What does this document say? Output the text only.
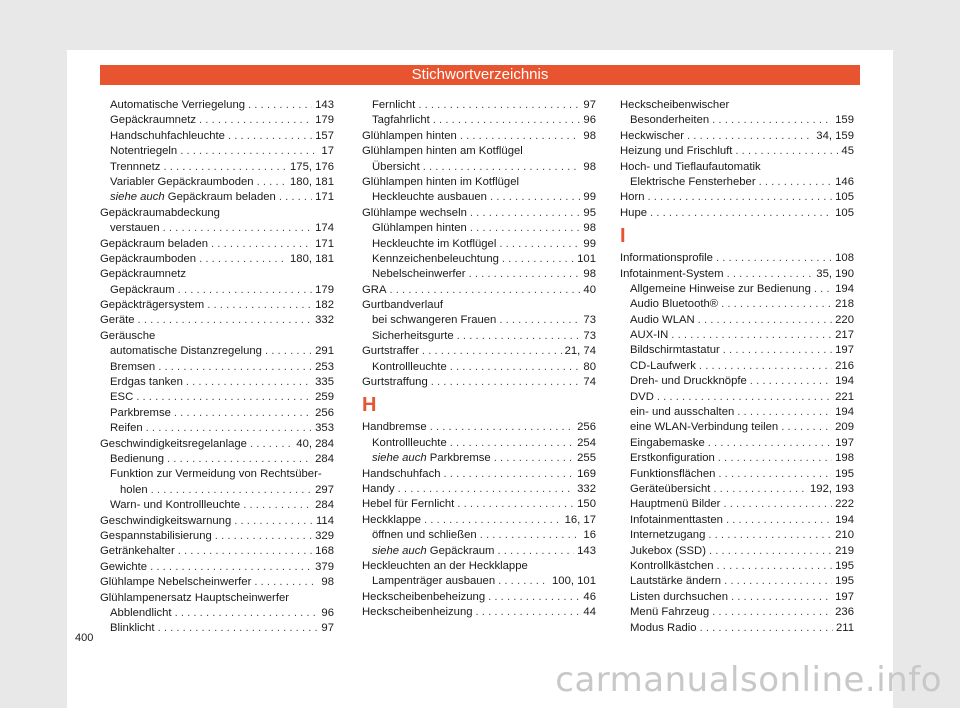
Stichwortverzeichnis
Automatische Verriegelung . . .	143
Gepäckraumnetz . . .	179
Handschuhfachleuchte . . .	157
Notentriegeln . . .	17
Trennnetz . . .	175, 176
Variabler Gepäckraumboden . . .	180, 181
siehe auch Gepäckraum beladen . . .	171
Gepäckraumabdeckung
verstauen . . .	174
Gepäckraum beladen . . .	171
Gepäckraumboden . . .	180, 181
Gepäckraumnetz
Gepäckraum . . .	179
Gepäckträgersystem . . .	182
Geräte . . .	332
Geräusche
automatische Distanzregelung . . .	291
Bremsen . . .	253
Erdgas tanken . . .	335
ESC . . .	259
Parkbremse . . .	256
Reifen . . .	353
Geschwindigkeitsregelanlage . . .	40, 284
Bedienung . . .	284
Funktion zur Vermeidung von Rechtsüber-
holen . . .	297
Warn- und Kontrollleuchte . . .	284
Geschwindigkeitswarnung . . .	114
Gespannstabilisierung . . .	329
Getränkehalter . . .	168
Gewichte . . .	379
Glühlampe Nebelscheinwerfer . . .	98
Glühlampenersatz Hauptscheinwerfer
Abblendlicht . . .	96
Blinklicht . . .	97
Fernlicht . . .	97
Tagfahrlicht . . .	96
Glühlampen hinten . . .	98
Glühlampen hinten am Kotflügel
Übersicht . . .	98
Glühlampen hinten im Kotflügel
Heckleuchte ausbauen . . .	99
Glühlampe wechseln . . .	95
Glühlampen hinten . . .	98
Heckleuchte im Kotflügel . . .	99
Kennzeichenbeleuchtung . . .	101
Nebelscheinwerfer . . .	98
GRA . . .	40
Gurtbandverlauf
bei schwangeren Frauen . . .	73
Sicherheitsgurte . . .	73
Gurtstraffer . . .	21, 74
Kontrollleuchte . . .	80
Gurtstraffung . . .	74
H
Handbremse . . .	256
Kontrollleuchte . . .	254
siehe auch Parkbremse . . .	255
Handschuhfach . . .	169
Handy . . .	332
Hebel für Fernlicht . . .	150
Heckklappe . . .	16, 17
öffnen und schließen . . .	16
siehe auch Gepäckraum . . .	143
Heckleuchten an der Heckklappe
Lampenträger ausbauen . . .	100, 101
Heckscheibenbeheizung . . .	46
Heckscheibenheizung . . .	44
Heckscheibenwischer
Besonderheiten . . .	159
Heckwischer . . .	34, 159
Heizung und Frischluft . . .	45
Hoch- und Tieflaufautomatik
Elektrische Fensterheber . . .	146
Horn . . .	105
Hupe . . .	105
I
Informationsprofile . . .	108
Infotainment-System . . .	35, 190
Allgemeine Hinweise zur Bedienung . . . 194
Audio Bluetooth® . . .	218
Audio WLAN . . .	220
AUX-IN . . .	217
Bildschirmtastatur . . .	197
CD-Laufwerk . . .	216
Dreh- und Druckknöpfe . . .	194
DVD . . .	221
ein- und ausschalten . . .	194
eine WLAN-Verbindung teilen . . .	209
Eingabemaske . . .	197
Erstkonfiguration . . .	198
Funktionsflächen . . .	195
Geräteübersicht . . .	192, 193
Hauptmenü Bilder . . .	222
Infotainmenttasten . . .	194
Internetzugang . . .	210
Jukebox (SSD) . . .	219
Kontrollkästchen . . .	195
Lautstärke ändern . . .	195
Listen durchsuchen . . .	197
Menü Fahrzeug . . .	236
Modus Radio . . .	211
400
carmanualsonline.info
